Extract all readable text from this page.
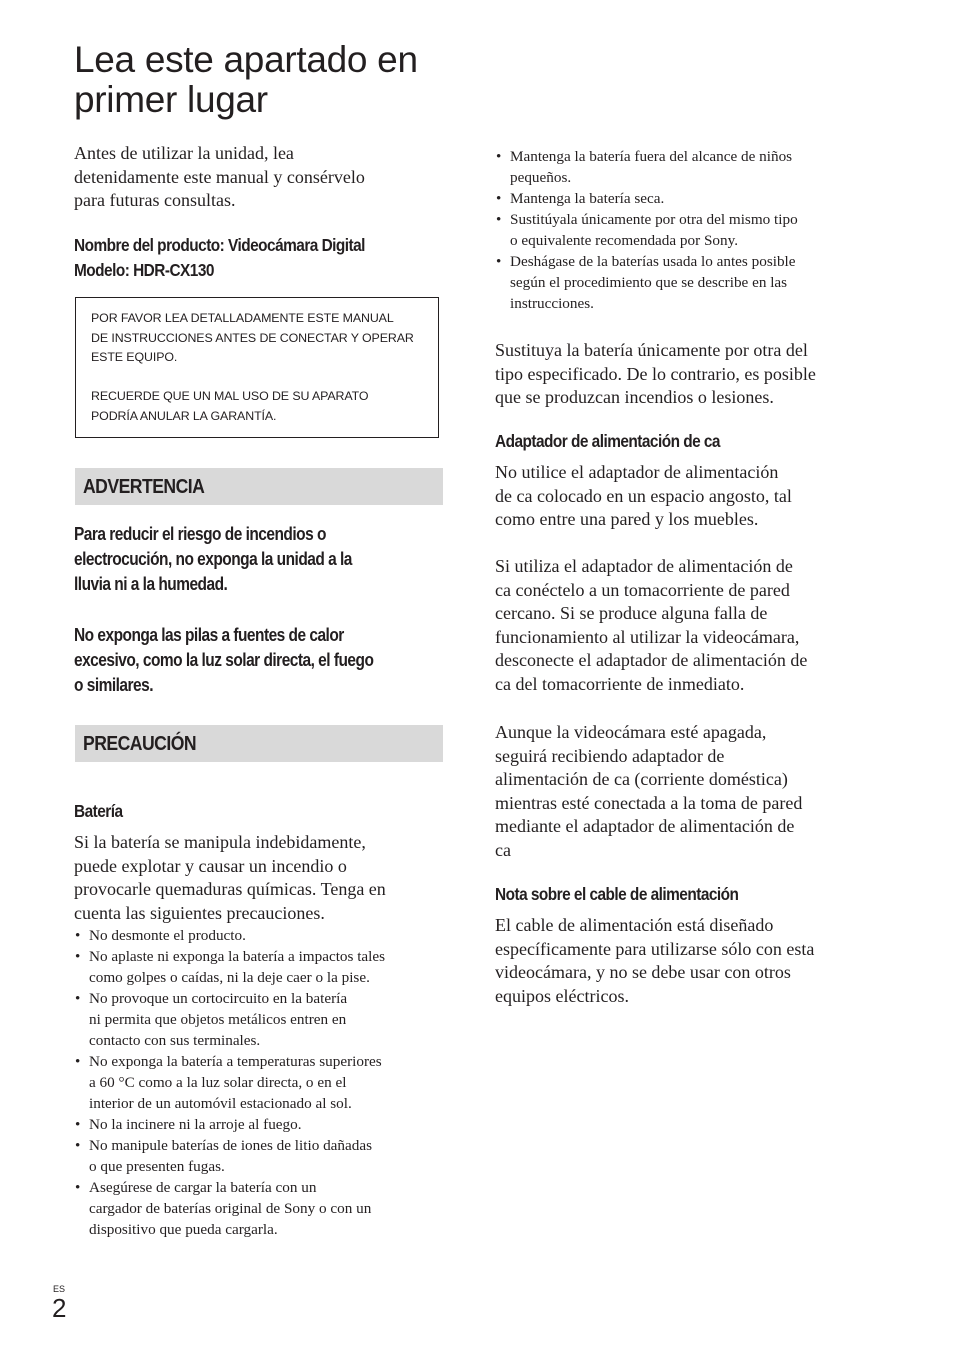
Lea este apartado en
primer lugar

Antes de utilizar la unidad, lea
detenidamente este manual y consérvelo
para futuras consultas.

Nombre del producto: Videocámara Digital
Modelo: HDR-CX130

POR FAVOR LEA DETALLADAMENTE ESTE MANUAL
DE INSTRUCCIONES ANTES DE CONECTAR Y OPERAR
ESTE EQUIPO.

RECUERDE QUE UN MAL USO DE SU APARATO
PODRÍA ANULAR LA GARANTÍA.

ADVERTENCIA

Para reducir el riesgo de incendios o
electrocución, no exponga la unidad a la
lluvia ni a la humedad.

No exponga las pilas a fuentes de calor
excesivo, como la luz solar directa, el fuego
o similares.

PRECAUCIÓN

Batería

Si la batería se manipula indebidamente,
puede explotar y causar un incendio o
provocarle quemaduras químicas. Tenga en
cuenta las siguientes precauciones.

• No desmonte el producto.
• No aplaste ni exponga la batería a impactos tales
como golpes o caídas, ni la deje caer o la pise.
• No provoque un cortocircuito en la batería
ni permita que objetos metálicos entren en
contacto con sus terminales.
• No exponga la batería a temperaturas superiores
a 60 °C como a la luz solar directa, o en el
interior de un automóvil estacionado al sol.
• No la incinere ni la arroje al fuego.
• No manipule baterías de iones de litio dañadas
o que presenten fugas.
• Asegúrese de cargar la batería con un
cargador de baterías original de Sony o con un
dispositivo que pueda cargarla.
• Mantenga la batería fuera del alcance de niños
pequeños.
• Mantenga la batería seca.
• Sustitúyala únicamente por otra del mismo tipo
o equivalente recomendada por Sony.
• Deshágase de la baterías usada lo antes posible
según el procedimiento que se describe en las
instrucciones.

Sustituya la batería únicamente por otra del
tipo especificado. De lo contrario, es posible
que se produzcan incendios o lesiones.

Adaptador de alimentación de ca

No utilice el adaptador de alimentación
de ca colocado en un espacio angosto, tal
como entre una pared y los muebles.

Si utiliza el adaptador de alimentación de
ca conéctelo a un tomacorriente de pared
cercano. Si se produce alguna falla de
funcionamiento al utilizar la videocámara,
desconecte el adaptador de alimentación de
ca del tomacorriente de inmediato.

Aunque la videocámara esté apagada,
seguirá recibiendo adaptador de
alimentación de ca (corriente doméstica)
mientras esté conectada a la toma de pared
mediante el adaptador de alimentación de
ca

Nota sobre el cable de alimentación

El cable de alimentación está diseñado
específicamente para utilizarse sólo con esta
videocámara, y no se debe usar con otros
equipos eléctricos.

ES
2
